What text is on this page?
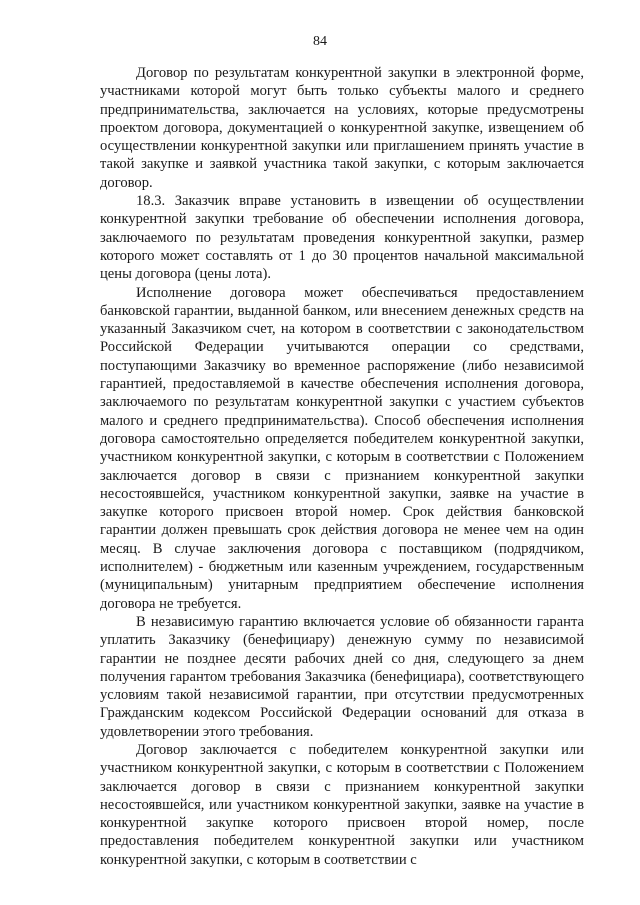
84

Договор по результатам конкурентной закупки в электронной форме, участниками которой могут быть только субъекты малого и среднего предпринимательства, заключается на условиях, которые предусмотрены проектом договора, документацией о конкурентной закупке, извещением об осуществлении конкурентной закупки или приглашением принять участие в такой закупке и заявкой участника такой закупки, с которым заключается договор.

18.3. Заказчик вправе установить в извещении об осуществлении конкурентной закупки требование об обеспечении исполнения договора, заключаемого по результатам проведения конкурентной закупки, размер которого может составлять от 1 до 30 процентов начальной максимальной цены договора (цены лота).

Исполнение договора может обеспечиваться предоставлением банковской гарантии, выданной банком, или внесением денежных средств на указанный Заказчиком счет, на котором в соответствии с законодательством Российской Федерации учитываются операции со средствами, поступающими Заказчику во временное распоряжение (либо независимой гарантией, предоставляемой в качестве обеспечения исполнения договора, заключаемого по результатам конкурентной закупки с участием субъектов малого и среднего предпринимательства). Способ обеспечения исполнения договора самостоятельно определяется победителем конкурентной закупки, участником конкурентной закупки, с которым в соответствии с Положением заключается договор в связи с признанием конкурентной закупки несостоявшейся, участником конкурентной закупки, заявке на участие в закупке которого присвоен второй номер. Срок действия банковской гарантии должен превышать срок действия договора не менее чем на один месяц. В случае заключения договора с поставщиком (подрядчиком, исполнителем) - бюджетным или казенным учреждением, государственным (муниципальным) унитарным предприятием обеспечение исполнения договора не требуется.

В независимую гарантию включается условие об обязанности гаранта уплатить Заказчику (бенефициару) денежную сумму по независимой гарантии не позднее десяти рабочих дней со дня, следующего за днем получения гарантом требования Заказчика (бенефициара), соответствующего условиям такой независимой гарантии, при отсутствии предусмотренных Гражданским кодексом Российской Федерации оснований для отказа в удовлетворении этого требования.

Договор заключается с победителем конкурентной закупки или участником конкурентной закупки, с которым в соответствии с Положением заключается договор в связи с признанием конкурентной закупки несостоявшейся, или участником конкурентной закупки, заявке на участие в конкурентной закупке которого присвоен второй номер, после предоставления победителем конкурентной закупки или участником конкурентной закупки, с которым в соответствии с
